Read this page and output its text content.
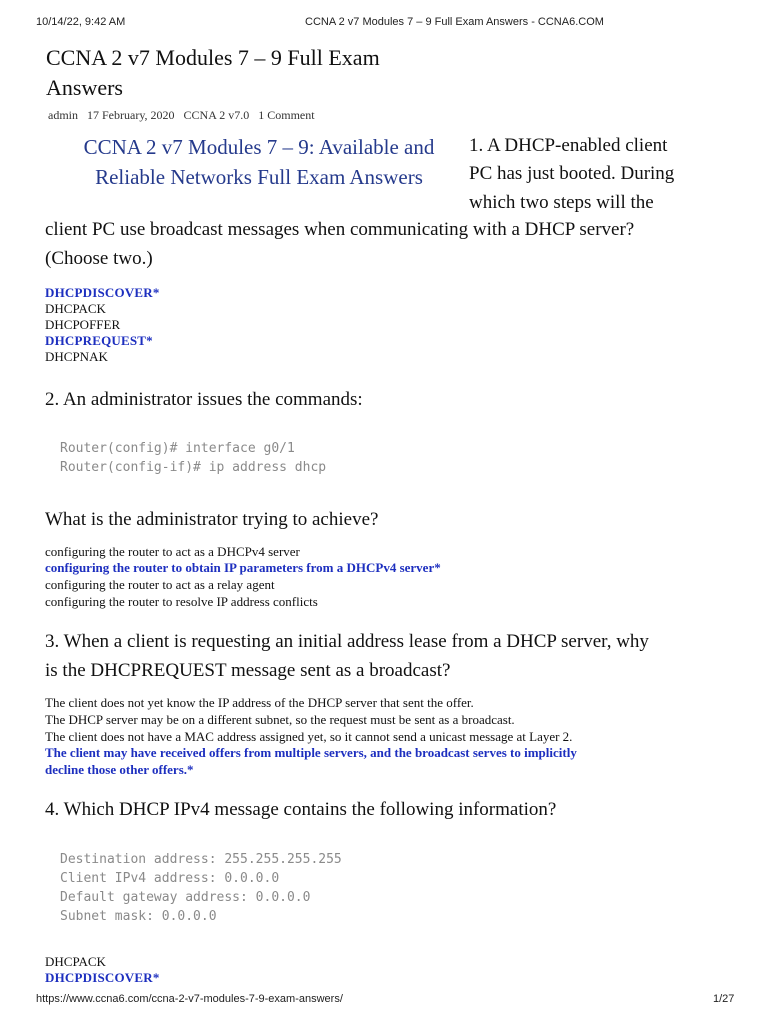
10/14/22, 9:42 AM	CCNA 2 v7 Modules 7 – 9 Full Exam Answers - CCNA6.COM
CCNA 2 v7 Modules 7 – 9 Full Exam
Answers
admin 17 February, 2020 CCNA 2 v7.0 1 Comment
CCNA 2 v7 Modules 7 – 9: Available and
Reliable Networks Full Exam Answers
1. A DHCP-enabled client
PC has just booted. During
which two steps will the
client PC use broadcast messages when communicating with a DHCP server?
(Choose two.)
DHCPDISCOVER*
DHCPACK
DHCPOFFER
DHCPREQUEST*
DHCPNAK
2. An administrator issues the commands:
Router(config)# interface g0/1
Router(config-if)# ip address dhcp
What is the administrator trying to achieve?
configuring the router to act as a DHCPv4 server
configuring the router to obtain IP parameters from a DHCPv4 server*
configuring the router to act as a relay agent
configuring the router to resolve IP address conflicts
3. When a client is requesting an initial address lease from a DHCP server, why
is the DHCPREQUEST message sent as a broadcast?
The client does not yet know the IP address of the DHCP server that sent the offer.
The DHCP server may be on a different subnet, so the request must be sent as a broadcast.
The client does not have a MAC address assigned yet, so it cannot send a unicast message at Layer 2.
The client may have received offers from multiple servers, and the broadcast serves to implicitly
decline those other offers.*
4. Which DHCP IPv4 message contains the following information?
Destination address: 255.255.255.255
Client IPv4 address: 0.0.0.0
Default gateway address: 0.0.0.0
Subnet mask: 0.0.0.0
DHCPACK
DHCPDISCOVER*
https://www.ccna6.com/ccna-2-v7-modules-7-9-exam-answers/	1/27
